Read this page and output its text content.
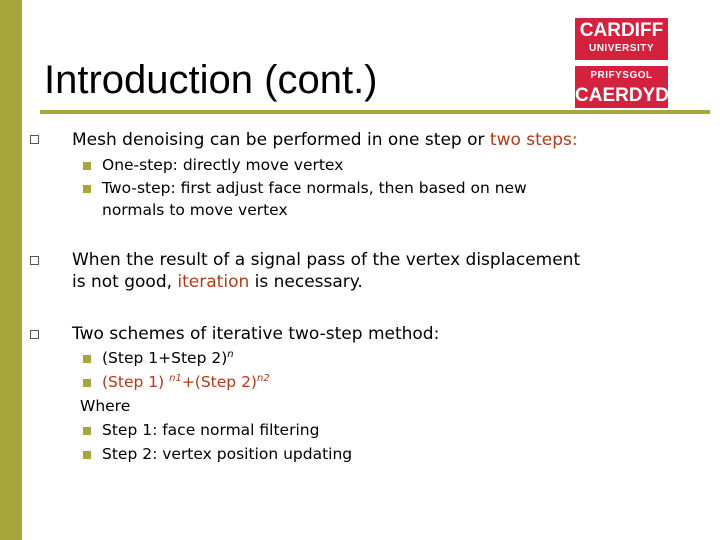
Introduction (cont.)
CARDIFF
UNIVERSITY
PRIFYSGOL
CAERDYD
Mesh denoising can be performed in one step or two steps:
One-step: directly move vertex
Two-step: first adjust face normals, then based on new
normals to move vertex
When the result of a signal pass of the vertex displacement
is not good, iteration is necessary.
Two schemes of iterative two-step method:
(Step 1+Step 2)$^n$
(Step 1) $^{n1}$+(Step 2)$^{n2}$
Where
Step 1: face normal filtering
Step 2: vertex position updating
